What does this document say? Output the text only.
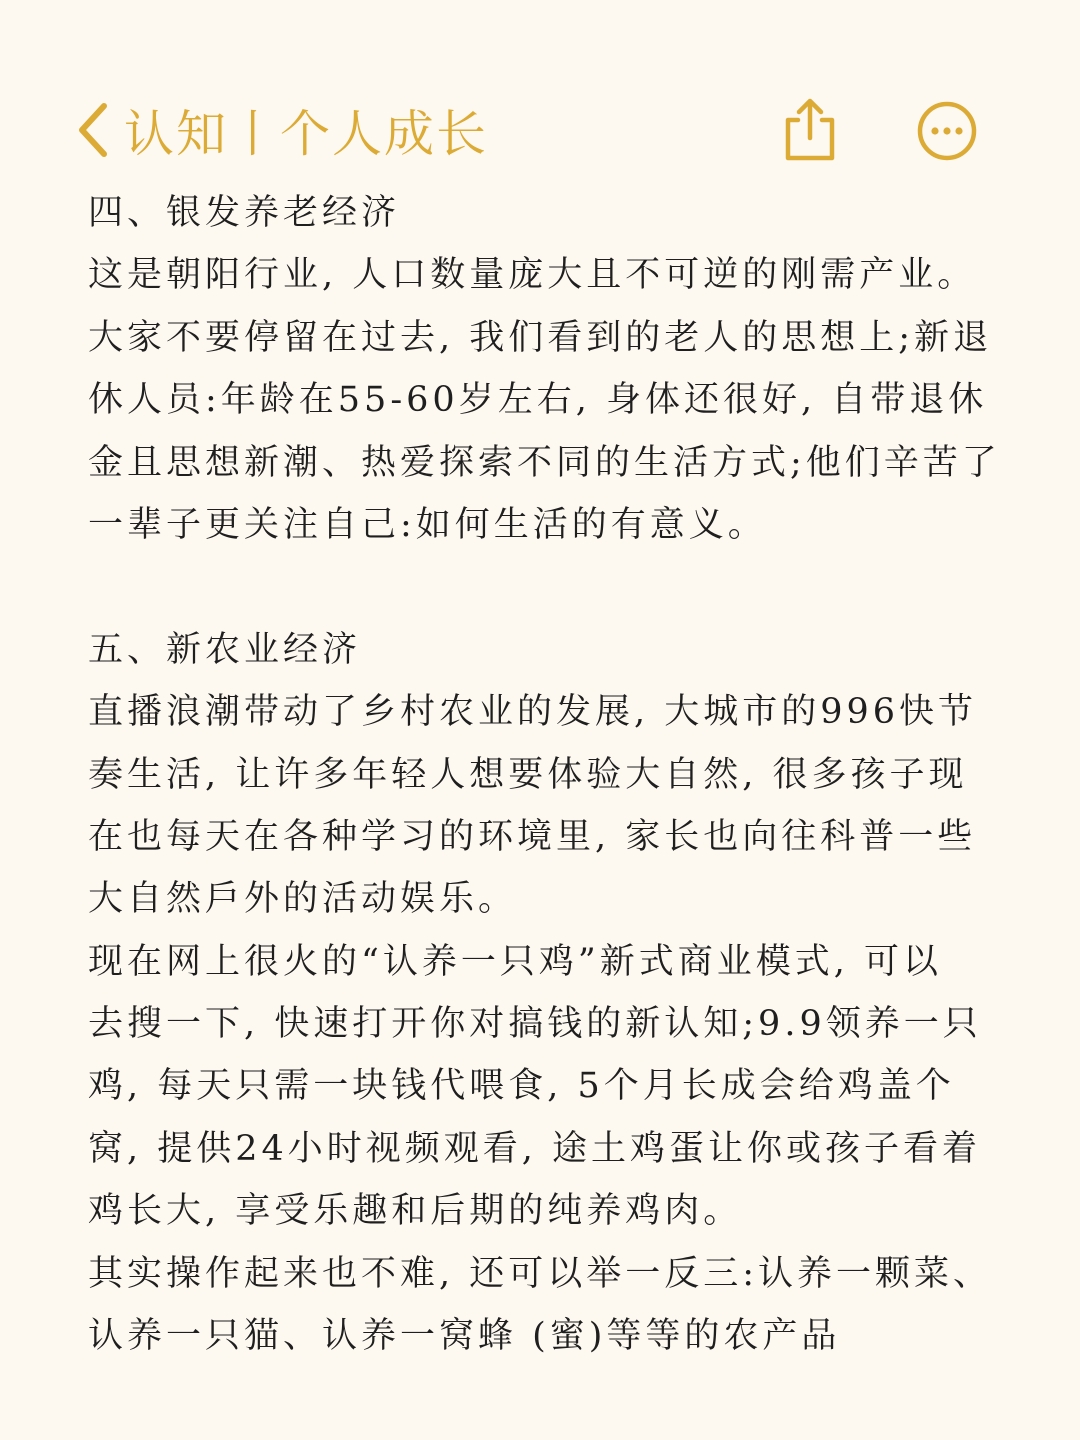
认知丨个人成长
四、银发养老经济
这是朝阳行业, 人口数量庞大且不可逆的刚需产业。
大家不要停留在过去, 我们看到的老人的思想上;新退
休人员:年龄在55-60岁左右, 身体还很好, 自带退休
金且思想新潮、热爱探索不同的生活方式;他们辛苦了
一辈子更关注自己:如何生活的有意义。
五、新农业经济
直播浪潮带动了乡村农业的发展, 大城市的996快节
奏生活, 让许多年轻人想要体验大自然, 很多孩子现
在也每天在各种学习的环境里, 家长也向往科普一些
大自然戶外的活动娱乐。
现在网上很火的“认养一只鸡”新式商业模式, 可以
去搜一下, 快速打开你对搞钱的新认知;9.9领养一只
鸡, 每天只需一块钱代喂食, 5个月长成会给鸡盖个
窝, 提供24小时视频观看, 途土鸡蛋让你或孩子看着
鸡长大, 享受乐趣和后期的纯养鸡肉。
其实操作起来也不难, 还可以举一反三:认养一颗菜、
认养一只猫、认养一窝蜂 (蜜)等等的农产品
